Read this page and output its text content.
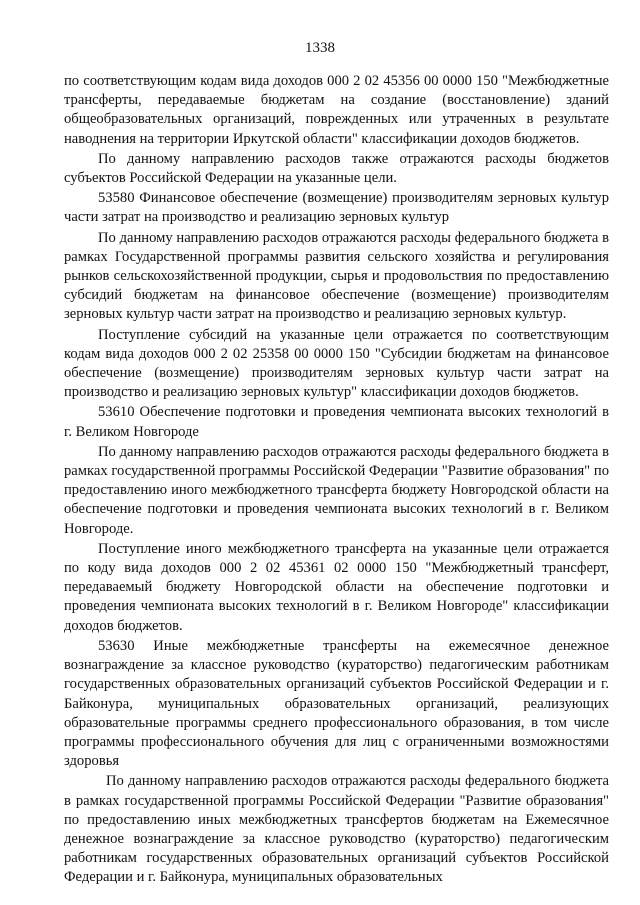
1338

по соответствующим кодам вида доходов 000 2 02 45356 00 0000 150 "Межбюджетные трансферты, передаваемые бюджетам на создание (восстановление) зданий общеобразовательных организаций, поврежденных или утраченных в результате наводнения на территории Иркутской области" классификации доходов бюджетов.

По данному направлению расходов также отражаются расходы бюджетов субъектов Российской Федерации на указанные цели.

53580 Финансовое обеспечение (возмещение) производителям зерновых культур части затрат на производство и реализацию зерновых культур

По данному направлению расходов отражаются расходы федерального бюджета в рамках Государственной программы развития сельского хозяйства и регулирования рынков сельскохозяйственной продукции, сырья и продовольствия по предоставлению субсидий бюджетам на финансовое обеспечение (возмещение) производителям зерновых культур части затрат на производство и реализацию зерновых культур.

Поступление субсидий на указанные цели отражается по соответствующим кодам вида доходов 000 2 02 25358 00 0000 150 "Субсидии бюджетам на финансовое обеспечение (возмещение) производителям зерновых культур части затрат на производство и реализацию зерновых культур" классификации доходов бюджетов.

53610 Обеспечение подготовки и проведения чемпионата высоких технологий в г. Великом Новгороде

По данному направлению расходов отражаются расходы федерального бюджета в рамках государственной программы Российской Федерации "Развитие образования" по предоставлению иного межбюджетного трансферта бюджету Новгородской области на обеспечение подготовки и проведения чемпионата высоких технологий в г. Великом Новгороде.

Поступление иного межбюджетного трансферта на указанные цели отражается по коду вида доходов 000 2 02 45361 02 0000 150 "Межбюджетный трансферт, передаваемый бюджету Новгородской области на обеспечение подготовки и проведения чемпионата высоких технологий в г. Великом Новгороде" классификации доходов бюджетов.

53630 Иные межбюджетные трансферты на ежемесячное денежное вознаграждение за классное руководство (кураторство) педагогическим работникам государственных образовательных организаций субъектов Российской Федерации и г. Байконура, муниципальных образовательных организаций, реализующих образовательные программы среднего профессионального образования, в том числе программы профессионального обучения для лиц с ограниченными возможностями здоровья

По данному направлению расходов отражаются расходы федерального бюджета в рамках государственной программы Российской Федерации "Развитие образования" по предоставлению иных межбюджетных трансфертов бюджетам на Ежемесячное денежное вознаграждение за классное руководство (кураторство) педагогическим работникам государственных образовательных организаций субъектов Российской Федерации и г. Байконура, муниципальных образовательных
